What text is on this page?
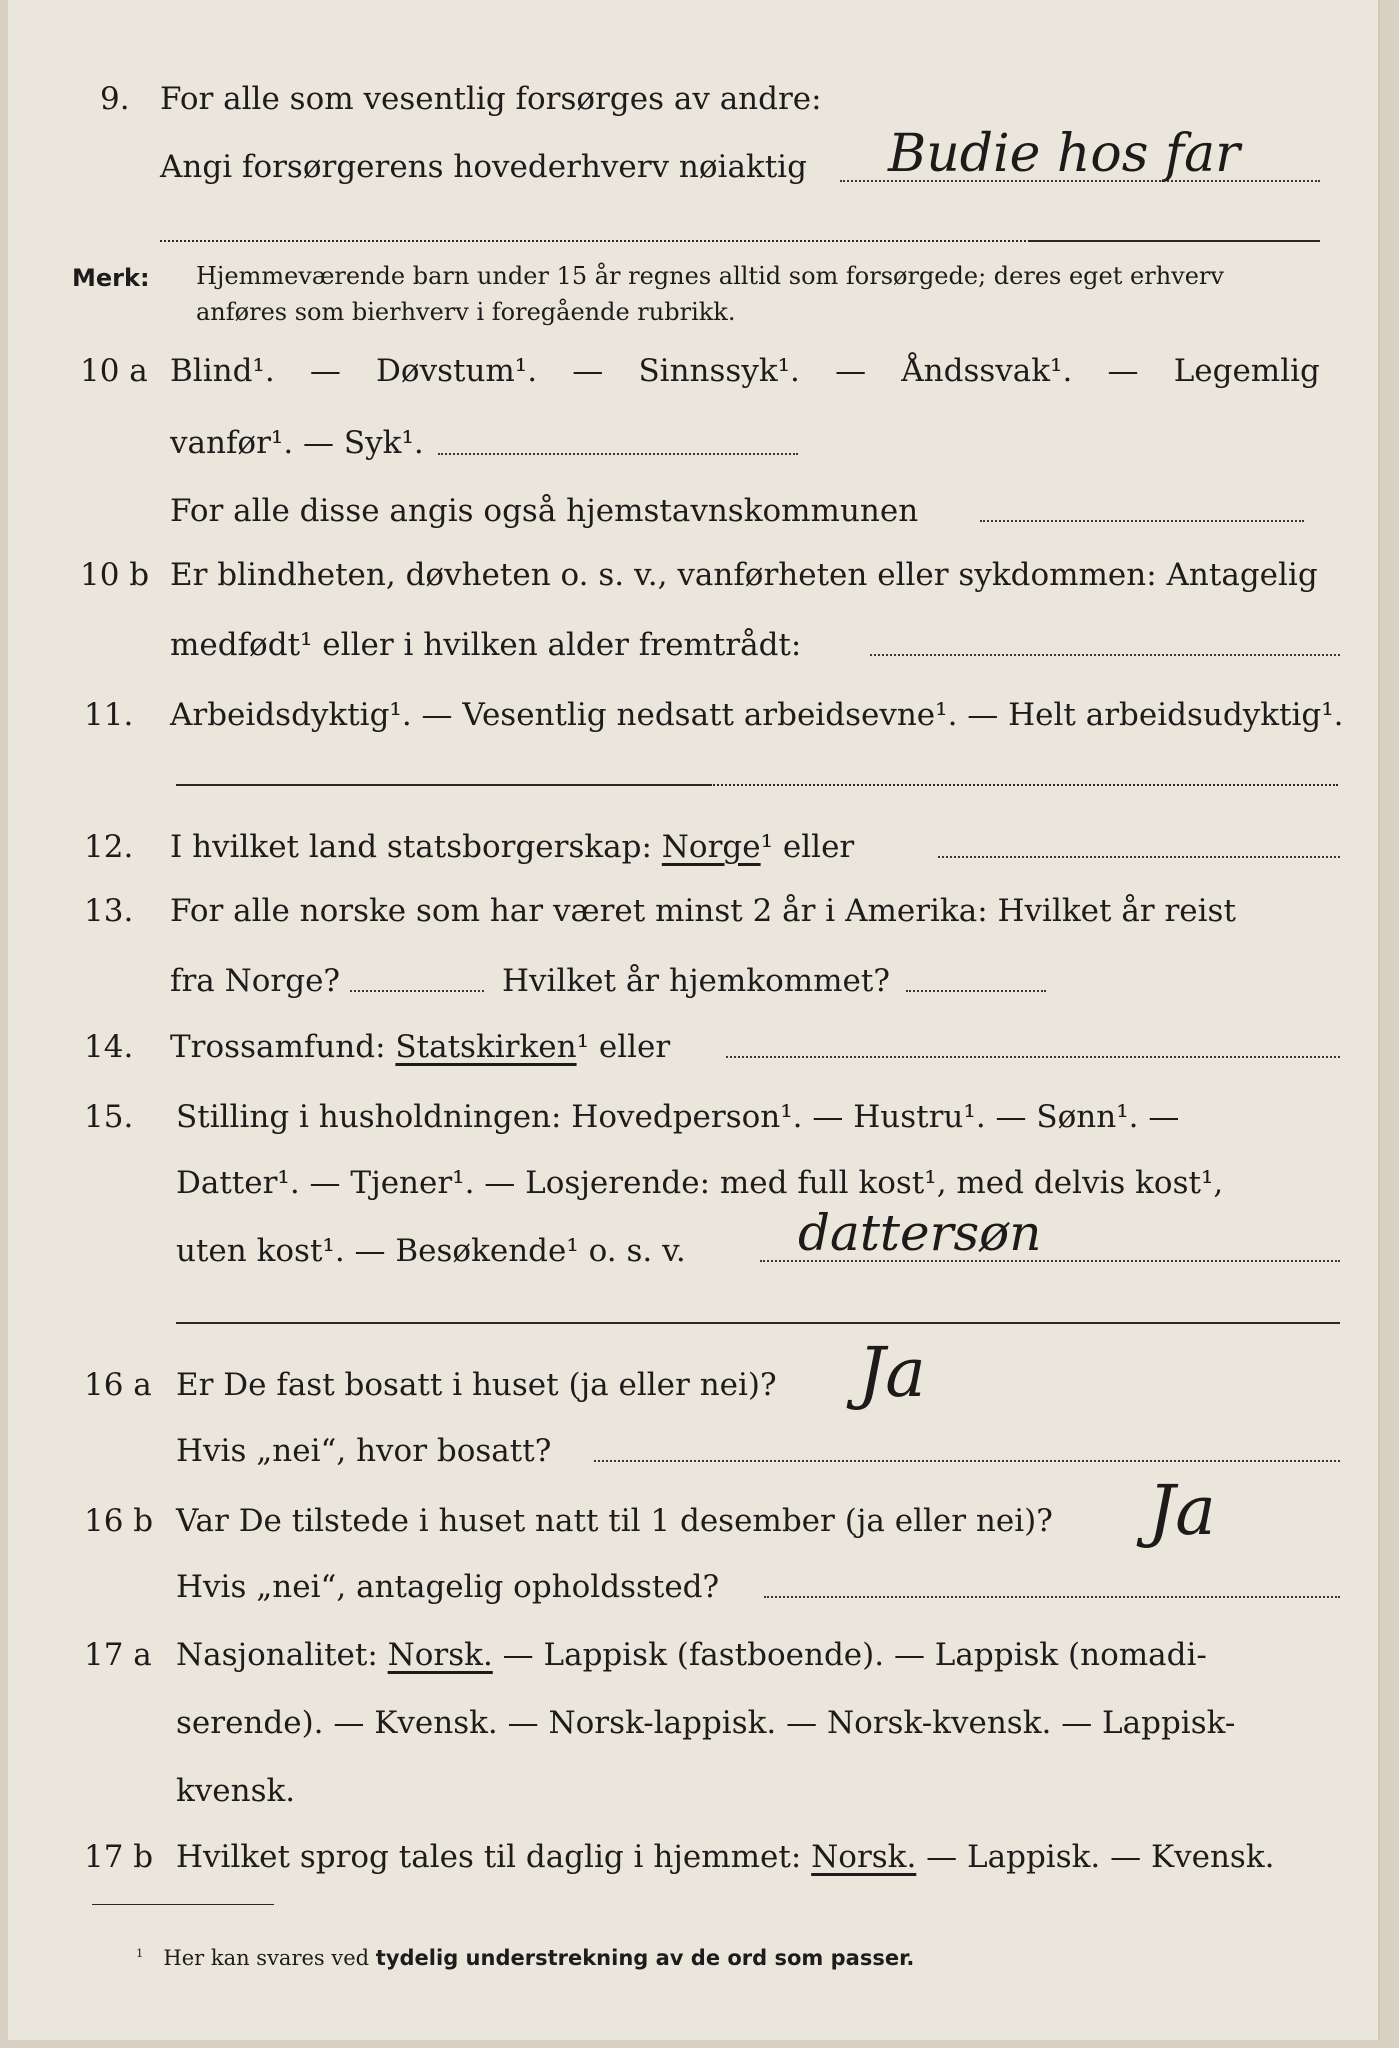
9. For alle som vesentlig forsørges av andre:
Angi forsørgerens hovederhverv nøiaktig Budie hos far
Merk: Hjemmeværende barn under 15 år regnes alltid som forsørgede; deres eget erhverv
anføres som bierhverv i foregående rubrikk.
10 a Blind¹. — Døvstum¹. — Sinnssyk¹. — Åndssvak¹. — Legemlig
vanfør¹. — Syk¹.
For alle disse angis også hjemstavnskommunen
10 b Er blindheten, døvheten o. s. v., vanførheten eller sykdommen: Antagelig
medfødt¹ eller i hvilken alder fremtrådt:
11. Arbeidsdyktig¹. — Vesentlig nedsatt arbeidsevne¹. — Helt arbeidsudyktig¹.
12. I hvilket land statsborgerskap: Norge¹ eller
13. For alle norske som har været minst 2 år i Amerika: Hvilket år reist
fra Norge?	Hvilket år hjemkommet?
14. Trossamfund: Statskirken¹ eller
15. Stilling i husholdningen: Hovedperson¹. — Hustru¹. — Sønn¹. —
Datter¹. — Tjener¹. — Losjerende: med full kost¹, med delvis kost¹,
uten kost¹. — Besøkende¹ o. s. v. dattersøn
16 a Er De fast bosatt i huset (ja eller nei)? Ja
Hvis „nei“, hvor bosatt?
16 b Var De tilstede i huset natt til 1 desember (ja eller nei)? Ja
Hvis „nei“, antagelig opholdssted?
17 a Nasjonalitet: Norsk. — Lappisk (fastboende). — Lappisk (nomadi-
serende). — Kvensk. — Norsk-lappisk. — Norsk-kvensk. — Lappisk-
kvensk.
17 b Hvilket sprog tales til daglig i hjemmet: Norsk. — Lappisk. — Kvensk.
$^1$ Her kan svares ved tydelig understrekning av de ord som passer.
